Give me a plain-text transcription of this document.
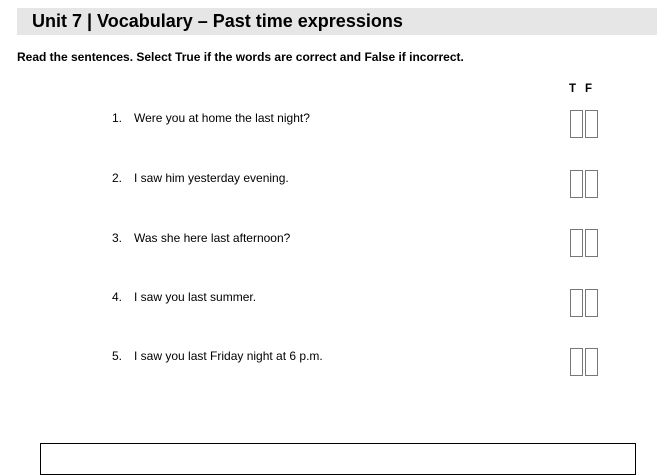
Unit 7 | Vocabulary – Past time expressions
Read the sentences. Select True if the words are correct and False if incorrect.
T F
1. Were you at home the last night?
2. I saw him yesterday evening.
3. Was she here last afternoon?
4. I saw you last summer.
5. I saw you last Friday night at 6 p.m.
